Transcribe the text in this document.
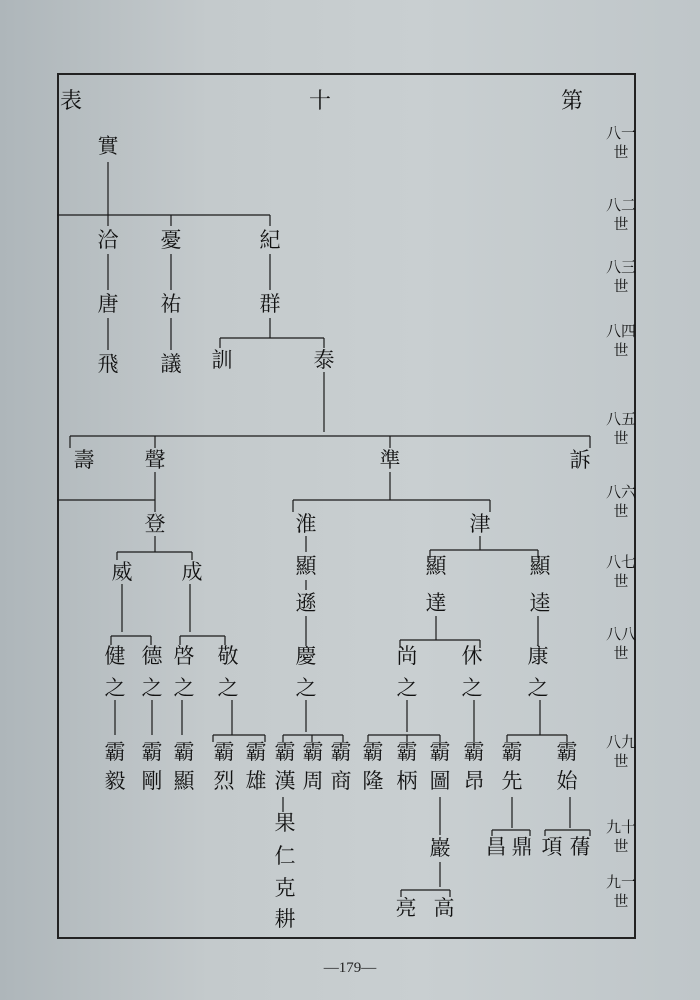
表	十	第
八一世
八二世
八三世
八四世
八五世
八六世
八七世
八八世
八九世
九十世
九一世
實
洽 憂	紀
唐 祐	群
飛 議 訓	泰
壽 聲	準	訴
登	淮	津
威 成	顯
遜
顯
達
顯
逵
健
之
德
之
啓
之
敬
之
慶
之
尚
之
休
之
康
之
霸
毅
霸
剛
霸
顯
霸
烈
霸
雄
霸
漢
霸
周
霸
商
霸
隆
霸
柄
霸
圖
霸
昂
霸
先
霸
始
果
仁
克
耕
巖
亮 高
昌 鼎 項 蒨
—179—
